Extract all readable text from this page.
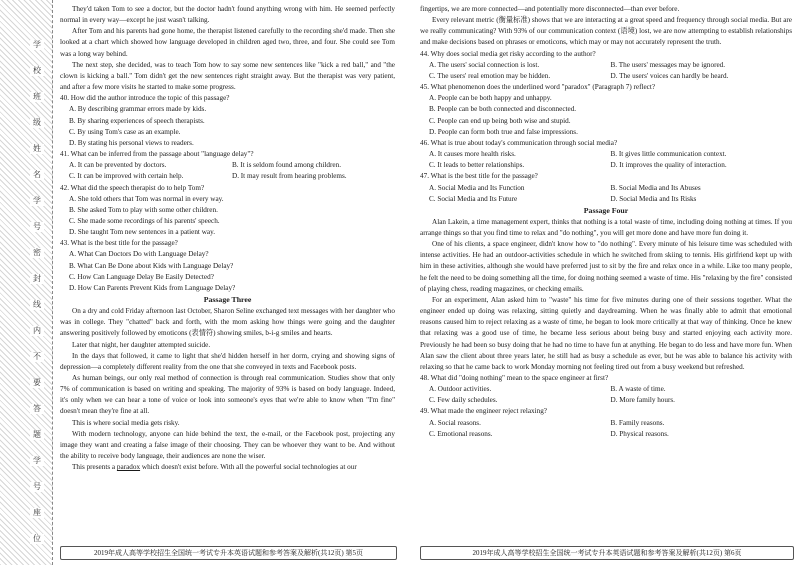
学
校
班
级
姓
名
学
号
密
封
线
内
不
要
答
题
学
号
座
位

They'd taken Tom to see a doctor, but the doctor hadn't found anything wrong with him. He seemed perfectly normal in every way—except he just wasn't talking.

After Tom and his parents had gone home, the therapist listened carefully to the recording she'd made. Then she looked at a chart which showed how language developed in children aged two, three, and four. She could see Tom was a long way behind.

The next step, she decided, was to teach Tom how to say some new sentences like "kick a red ball," and "the clown is kicking a ball." Tom didn't get the new sentences right straight away. But the therapist was very patient, and after a few more visits he started to make some progress.

40. How did the author introduce the topic of this passage?

A. By describing grammar errors made by kids.

B. By sharing experiences of speech therapists.

C. By using Tom's case as an example.

D. By stating his personal views to readers.

41. What can be inferred from the passage about "language delay"?

A. It can be prevented by doctors.	B. It is seldom found among children.

C. It can be improved with certain help.	D. It may result from hearing problems.

42. What did the speech therapist do to help Tom?

A. She told others that Tom was normal in every way.

B. She asked Tom to play with some other children.

C. She made some recordings of his parents' speech.

D. She taught Tom new sentences in a patient way.

43. What is the best title for the passage?

A. What Can Doctors Do with Language Delay?

B. What Can Be Done about Kids with Language Delay?

C. How Can Language Delay Be Easily Detected?

D. How Can Parents Prevent Kids from Language Delay?

Passage Three

On a dry and cold Friday afternoon last October, Sharon Seline exchanged text messages with her daughter who was in college. They "chatted" back and forth, with the mom asking how things were going and the daughter answering positively followed by emoticons (表情符) showing smiles, b-i-g smiles and hearts.

Later that night, her daughter attempted suicide.

In the days that followed, it came to light that she'd hidden herself in her dorm, crying and showing signs of depression—a completely different reality from the one that she conveyed in texts and Facebook posts.

As human beings, our only real method of connection is through real communication. Studies show that only 7% of communication is based on writing and speaking. The majority of 93% is based on body language. Indeed, it's only when we can hear a tone of voice or look into someone's eyes that we're able to know when "I'm fine" doesn't mean they're fine at all.

This is where social media gets risky.

With modern technology, anyone can hide behind the text, the e-mail, or the Facebook post, projecting any image they want and creating a false image of their choosing. They can be whoever they want to be. And without the ability to receive body language, their audiences are none the wiser.

This presents a paradox which doesn't exist before. With all the powerful social technologies at our

fingertips, we are more connected—and potentially more disconnected—than ever before.

Every relevant metric (衡量标准) shows that we are interacting at a great speed and frequency through social media. But are we really communicating? With 93% of our communication context (语境) lost, we are now attempting to establish relationships and make decisions based on phrases or emoticons, which may or may not accurately represent the truth.

44. Why does social media get risky according to the author?

A. The users' social connection is lost.	B. The users' messages may be ignored.

C. The users' real emotion may be hidden.	D. The users' voices can hardly be heard.

45. What phenomenon does the underlined word "paradox" (Paragraph 7) reflect?

A. People can be both happy and unhappy.

B. People can be both connected and disconnected.

C. People can end up being both wise and stupid.

D. People can form both true and false impressions.

46. What is true about today's communication through social media?

A. It causes more health risks.	B. It gives little communication context.

C. It leads to better relationships.	D. It improves the quality of interaction.

47. What is the best title for the passage?

A. Social Media and Its Function	B. Social Media and Its Abuses

C. Social Media and Its Future	D. Social Media and Its Risks

Passage Four

Alan Lakein, a time management expert, thinks that nothing is a total waste of time, including doing nothing at times. If you arrange things so that you find time to relax and "do nothing", you will get more done and have more fun doing it.

One of his clients, a space engineer, didn't know how to "do nothing". Every minute of his leisure time was scheduled with intense activities. He had an outdoor-activities schedule in which he switched from skiing to tennis. His girlfriend kept up with him in these activities, although she would have preferred just to sit by the fire and relax once in a while. Like too many people, he felt the need to be doing something all the time, for doing nothing seemed a waste of time. His "relaxing by the fire" consisted of playing chess, reading magazines, or checking emails.

For an experiment, Alan asked him to "waste" his time for five minutes during one of their sessions together. What the engineer ended up doing was relaxing, sitting quietly and daydreaming. When he was finally able to admit that emotional reasons caused him to reject relaxing as a waste of time, he began to look more critically at that way of thinking. Once he knew that relaxing was a good use of time, he became less serious about being busy and started enjoying each activity more. Previously he had been so busy doing that he had no time to have fun at anything. He began to do less and have more fun. When Alan saw the client about three years later, he still had as busy a schedule as ever, but he was able to balance his activity with relaxing so that he came back to work Monday morning not feeling tired out from a busy weekend but refreshed.

48. What did "doing nothing" mean to the space engineer at first?

A. Outdoor activities.	B. A waste of time.

C. Few daily schedules.	D. More family hours.

49. What made the engineer reject relaxing?

A. Social reasons.	B. Family reasons.

C. Emotional reasons.	D. Physical reasons.

2019年成人高等学校招生全国统一考试专升本英语试题和参考答案及解析(共12页) 第5页	2019年成人高等学校招生全国统一考试专升本英语试题和参考答案及解析(共12页) 第6页
